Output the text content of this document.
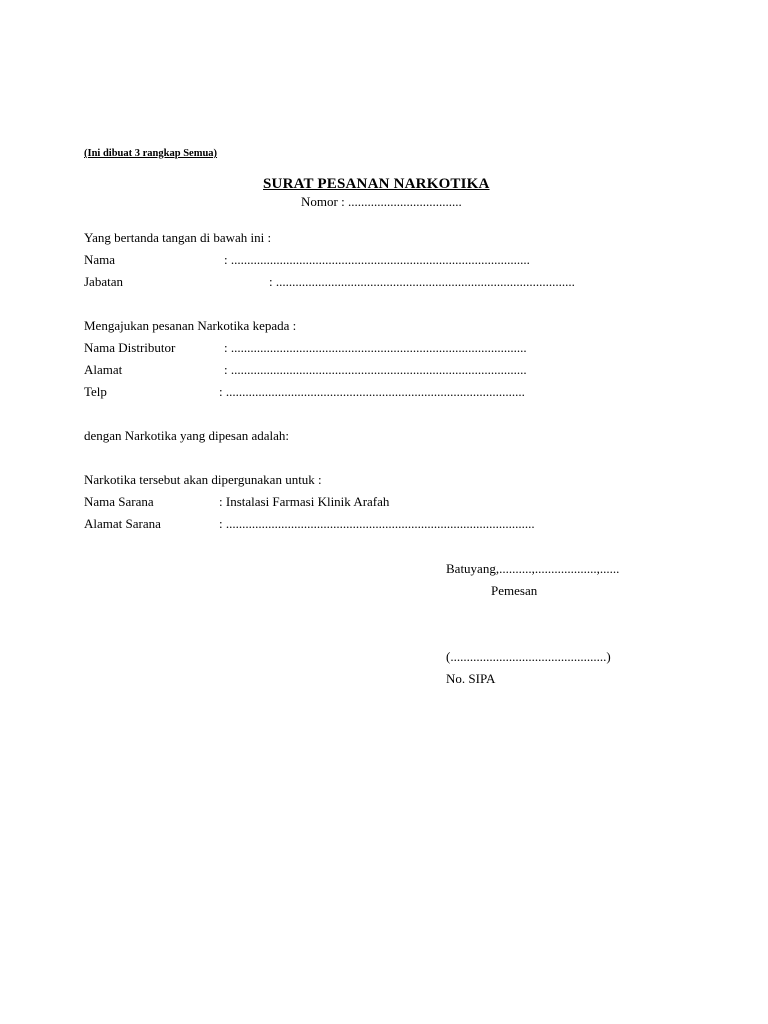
(Ini dibuat 3 rangkap Semua)
SURAT PESANAN NARKOTIKA
Nomor : ...................................
Yang bertanda tangan di bawah ini :
Nama	: ............................................................................................
Jabatan	: ............................................................................................
Mengajukan pesanan Narkotika kepada :
Nama Distributor	: ...........................................................................................
Alamat	: ...........................................................................................
Telp	: ............................................................................................
dengan Narkotika yang dipesan adalah:
Narkotika tersebut akan dipergunakan untuk :
Nama Sarana	: Instalasi Farmasi Klinik Arafah
Alamat Sarana	: ...............................................................................................
Batuyang,..........,...................,......
Pemesan
(................................................)
No. SIPA
